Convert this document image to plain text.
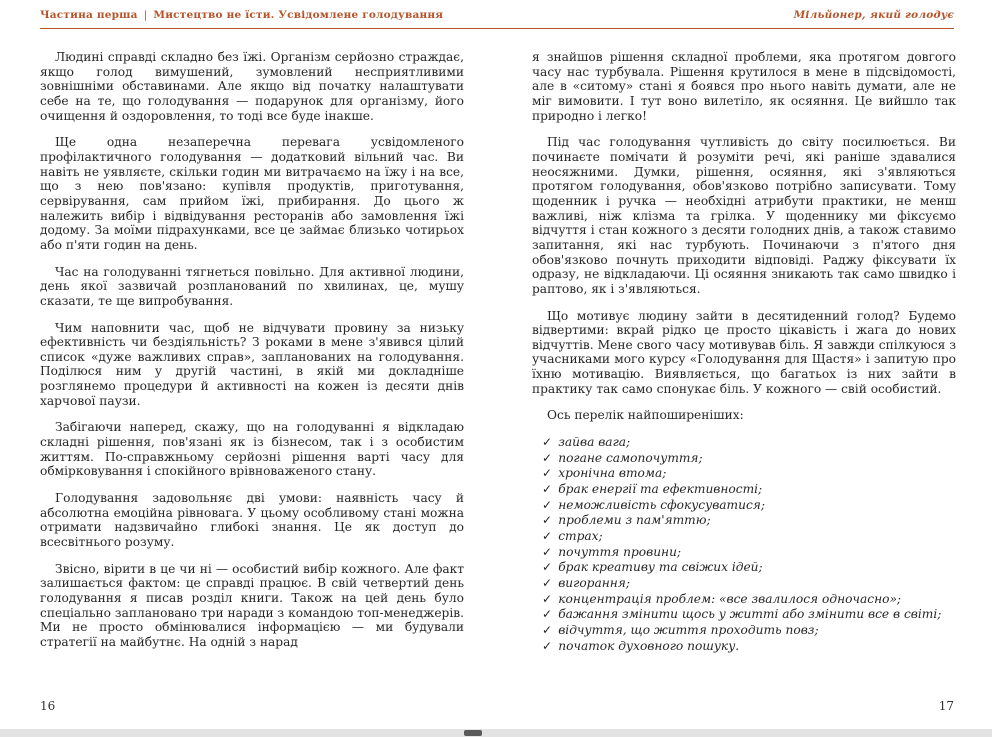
Частина перша | Мистецтво не їсти. Усвідомлене голодування	Мільйонер, який голодує

Людині справді складно без їжі. Організм серйозно страждає, якщо голод вимушений, зумовлений несприятливими зовнішніми обставинами. Але якщо від початку налаштувати себе на те, що голодування — подарунок для організму, його очищення й оздоровлення, то тоді все буде інакше.

Ще одна незаперечна перевага усвідомленого профілактичного голодування — додатковий вільний час. Ви навіть не уявляєте, скільки годин ми витрачаємо на їжу і на все, що з нею пов'язано: купівля продуктів, приготування, сервірування, сам прийом їжі, прибирання. До цього ж належить вибір і відвідування ресторанів або замовлення їжі додому. За моїми підрахунками, все це займає близько чотирьох або п'яти годин на день.

Час на голодуванні тягнеться повільно. Для активної людини, день якої зазвичай розпланований по хвилинах, це, мушу сказати, те ще випробування.

Чим наповнити час, щоб не відчувати провину за низьку ефективність чи бездіяльність? З роками в мене з'явився цілий список «дуже важливих справ», запланованих на голодування. Поділюся ним у другій частині, в якій ми докладніше розглянемо процедури й активності на кожен із десяти днів харчової паузи.

Забігаючи наперед, скажу, що на голодуванні я відкладаю складні рішення, пов'язані як із бізнесом, так і з особистим життям. По-справжньому серйозні рішення варті часу для обмірковування і спокійного врівноваженого стану.

Голодування задовольняє дві умови: наявність часу й абсолютна емоційна рівновага. У цьому особливому стані можна отримати надзвичайно глибокі знання. Це як доступ до всесвітнього розуму.

Звісно, вірити в це чи ні — особистий вибір кожного. Але факт залишається фактом: це справді працює. В свій четвертий день голодування я писав розділ книги. Також на цей день було спеціально заплановано три наради з командою топ-менеджерів. Ми не просто обмінювалися інформацією — ми будували стратегії на майбутнє. На одній з нарад

я знайшов рішення складної проблеми, яка протягом довгого часу нас турбувала. Рішення крутилося в мене в підсвідомості, але в «ситому» стані я боявся про нього навіть думати, але не міг вимовити. І тут воно вилетіло, як осяяння. Це вийшло так природно і легко!

Під час голодування чутливість до світу посилюється. Ви починаєте помічати й розуміти речі, які раніше здавалися неосяжними. Думки, рішення, осяяння, які з'являються протягом голодування, обов'язково потрібно записувати. Тому щоденник і ручка — необхідні атрибути практики, не менш важливі, ніж клізма та грілка. У щоденнику ми фіксуємо відчуття і стан кожного з десяти голодних днів, а також ставимо запитання, які нас турбують. Починаючи з п'ятого дня обов'язково почнуть приходити відповіді. Раджу фіксувати їх одразу, не відкладаючи. Ці осяяння зникають так само швидко і раптово, як і з'являються.

Що мотивує людину зайти в десятиденний голод? Будемо відвертими: вкрай рідко це просто цікавість і жага до нових відчуттів. Мене свого часу мотивував біль. Я завжди спілкуюся з учасниками мого курсу «Голодування для Щастя» і запитую про їхню мотивацію. Виявляється, що багатьох із них зайти в практику так само спонукає біль. У кожного — свій особистий.

Ось перелік найпоширеніших:

✓ зайва вага;
✓ погане самопочуття;
✓ хронічна втома;
✓ брак енергії та ефективності;
✓ неможливість сфокусуватися;
✓ проблеми з пам'яттю;
✓ страх;
✓ почуття провини;
✓ брак креативу та свіжих ідей;
✓ вигорання;
✓ концентрація проблем: «все звалилося одночасно»;
✓ бажання змінити щось у житті або змінити все в світі;
✓ відчуття, що життя проходить повз;
✓ початок духовного пошуку.
16	17
